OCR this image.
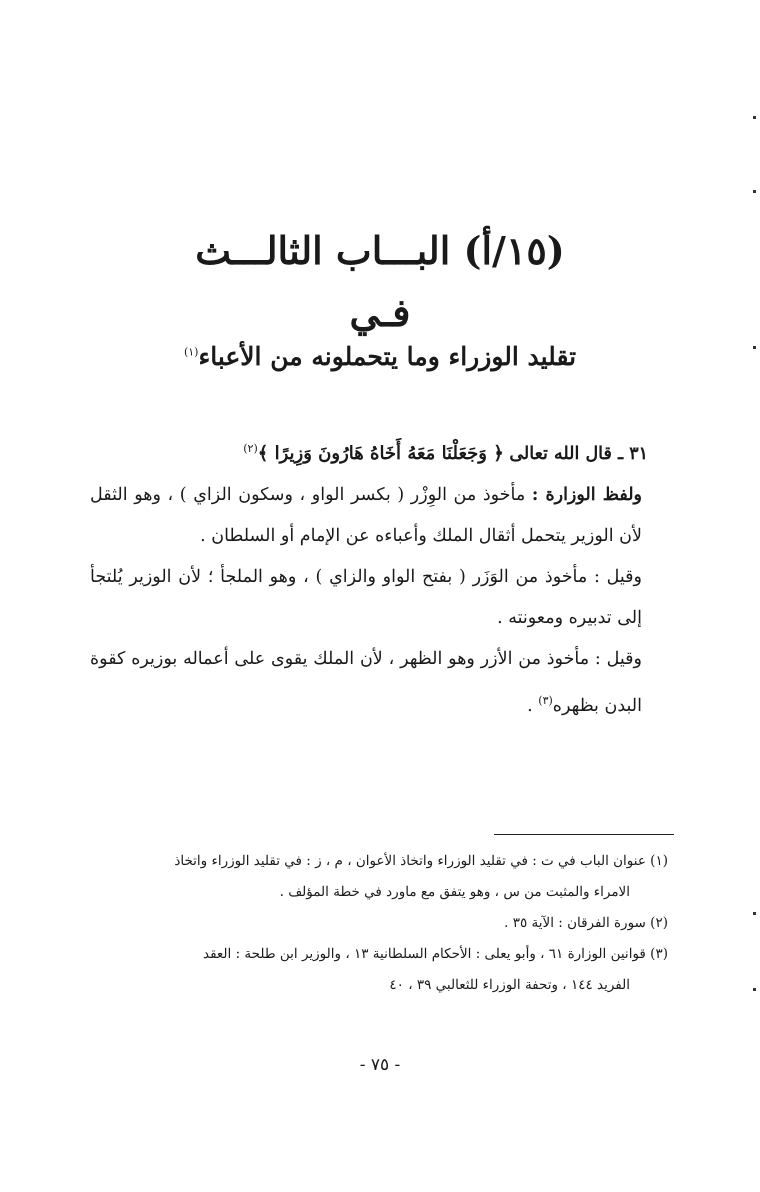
(١٥/أ) البـــاب الثالـــث
فـي
تقليد الوزراء وما يتحملونه من الأعباء$^{(١)}$

٣١ ـ قال الله تعالى ﴿ وَجَعَلْنَا مَعَهُ أَخَاهُ هَارُونَ وَزِيرًا ﴾$^{(٢)}$

ولفظ الوزارة : مأخوذ من الوِزْر ( بكسر الواو ، وسكون الزاي ) ، وهو الثقل لأن الوزير يتحمل أثقال الملك وأعباءه عن الإمام أو السلطان .

وقيل : مأخوذ من الوَزَر ( بفتح الواو والزاي ) ، وهو الملجأ ؛ لأن الوزير يُلتجأ إلى تدبيره ومعونته .

وقيل : مأخوذ من الأزر وهو الظهر ، لأن الملك يقوى على أعماله بوزيره كقوة البدن بظهره$^{(٣)}$ .

(١) عنوان الباب في ت : في تقليد الوزراء واتخاذ الأعوان ، م ، ز : في تقليد الوزراء واتخاذ

الامراء والمثبت من س ، وهو يتفق مع ماورد في خطة المؤلف .

(٢) سورة الفرقان : الآية ٣٥ .

(٣) قوانين الوزارة ٦١ ، وأبو يعلى : الأحكام السلطانية ١٣ ، والوزير ابن طلحة : العقد

الفريد ١٤٤ ، وتحفة الوزراء للثعالبي ٣٩ ، ٤٠

- ٧٥ -
